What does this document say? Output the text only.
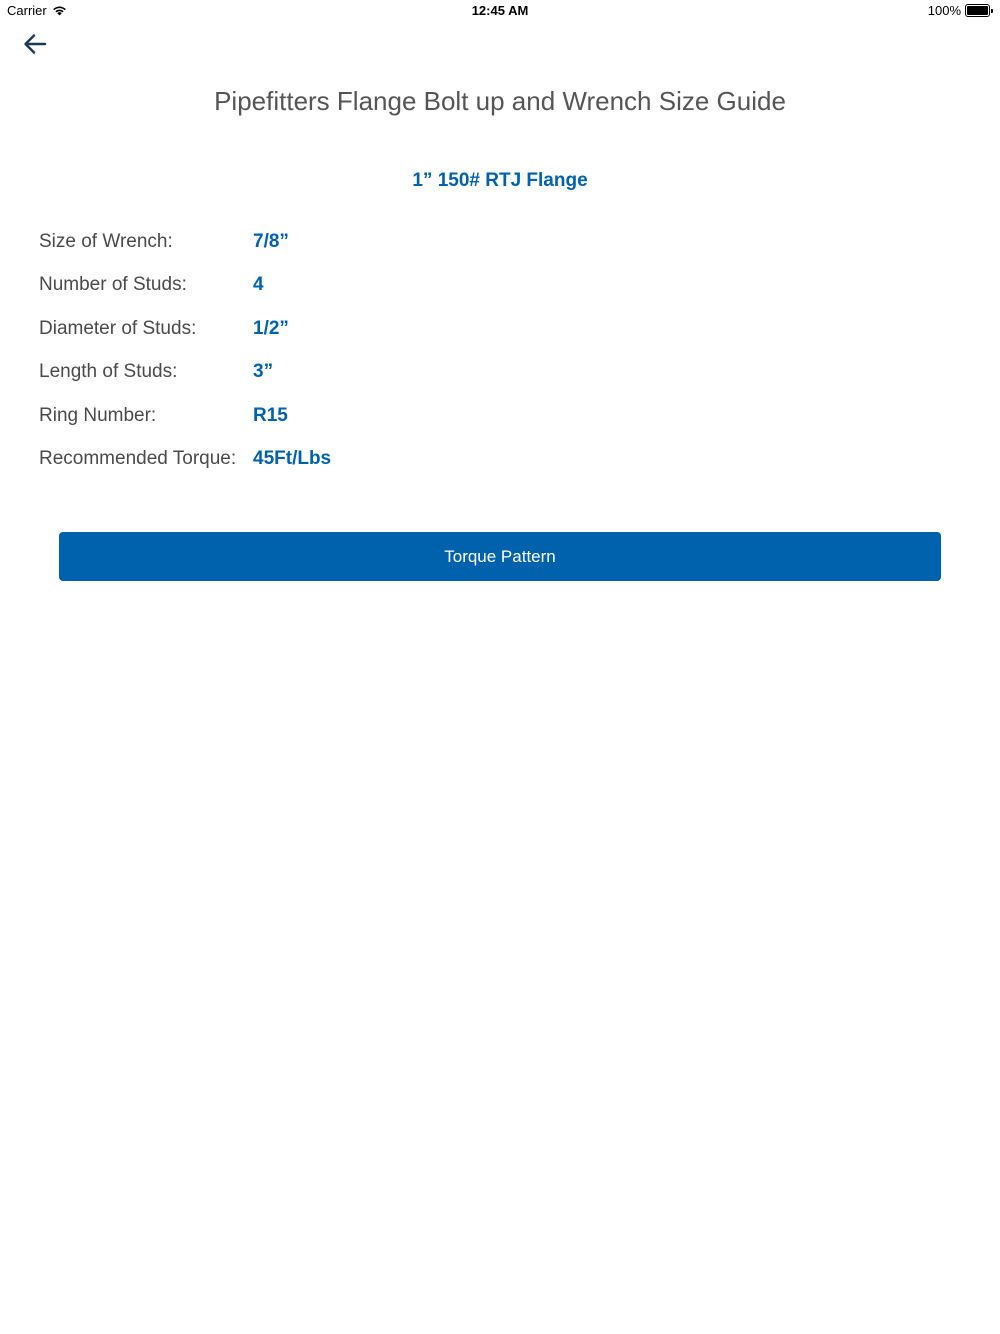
Carrier	12:45 AM	100%
Pipefitters Flange Bolt up and Wrench Size Guide
1” 150# RTJ Flange
Size of Wrench:	7/8”
Number of Studs:	4
Diameter of Studs:	1/2”
Length of Studs:	3”
Ring Number:	R15
Recommended Torque: 45Ft/Lbs
Torque Pattern
